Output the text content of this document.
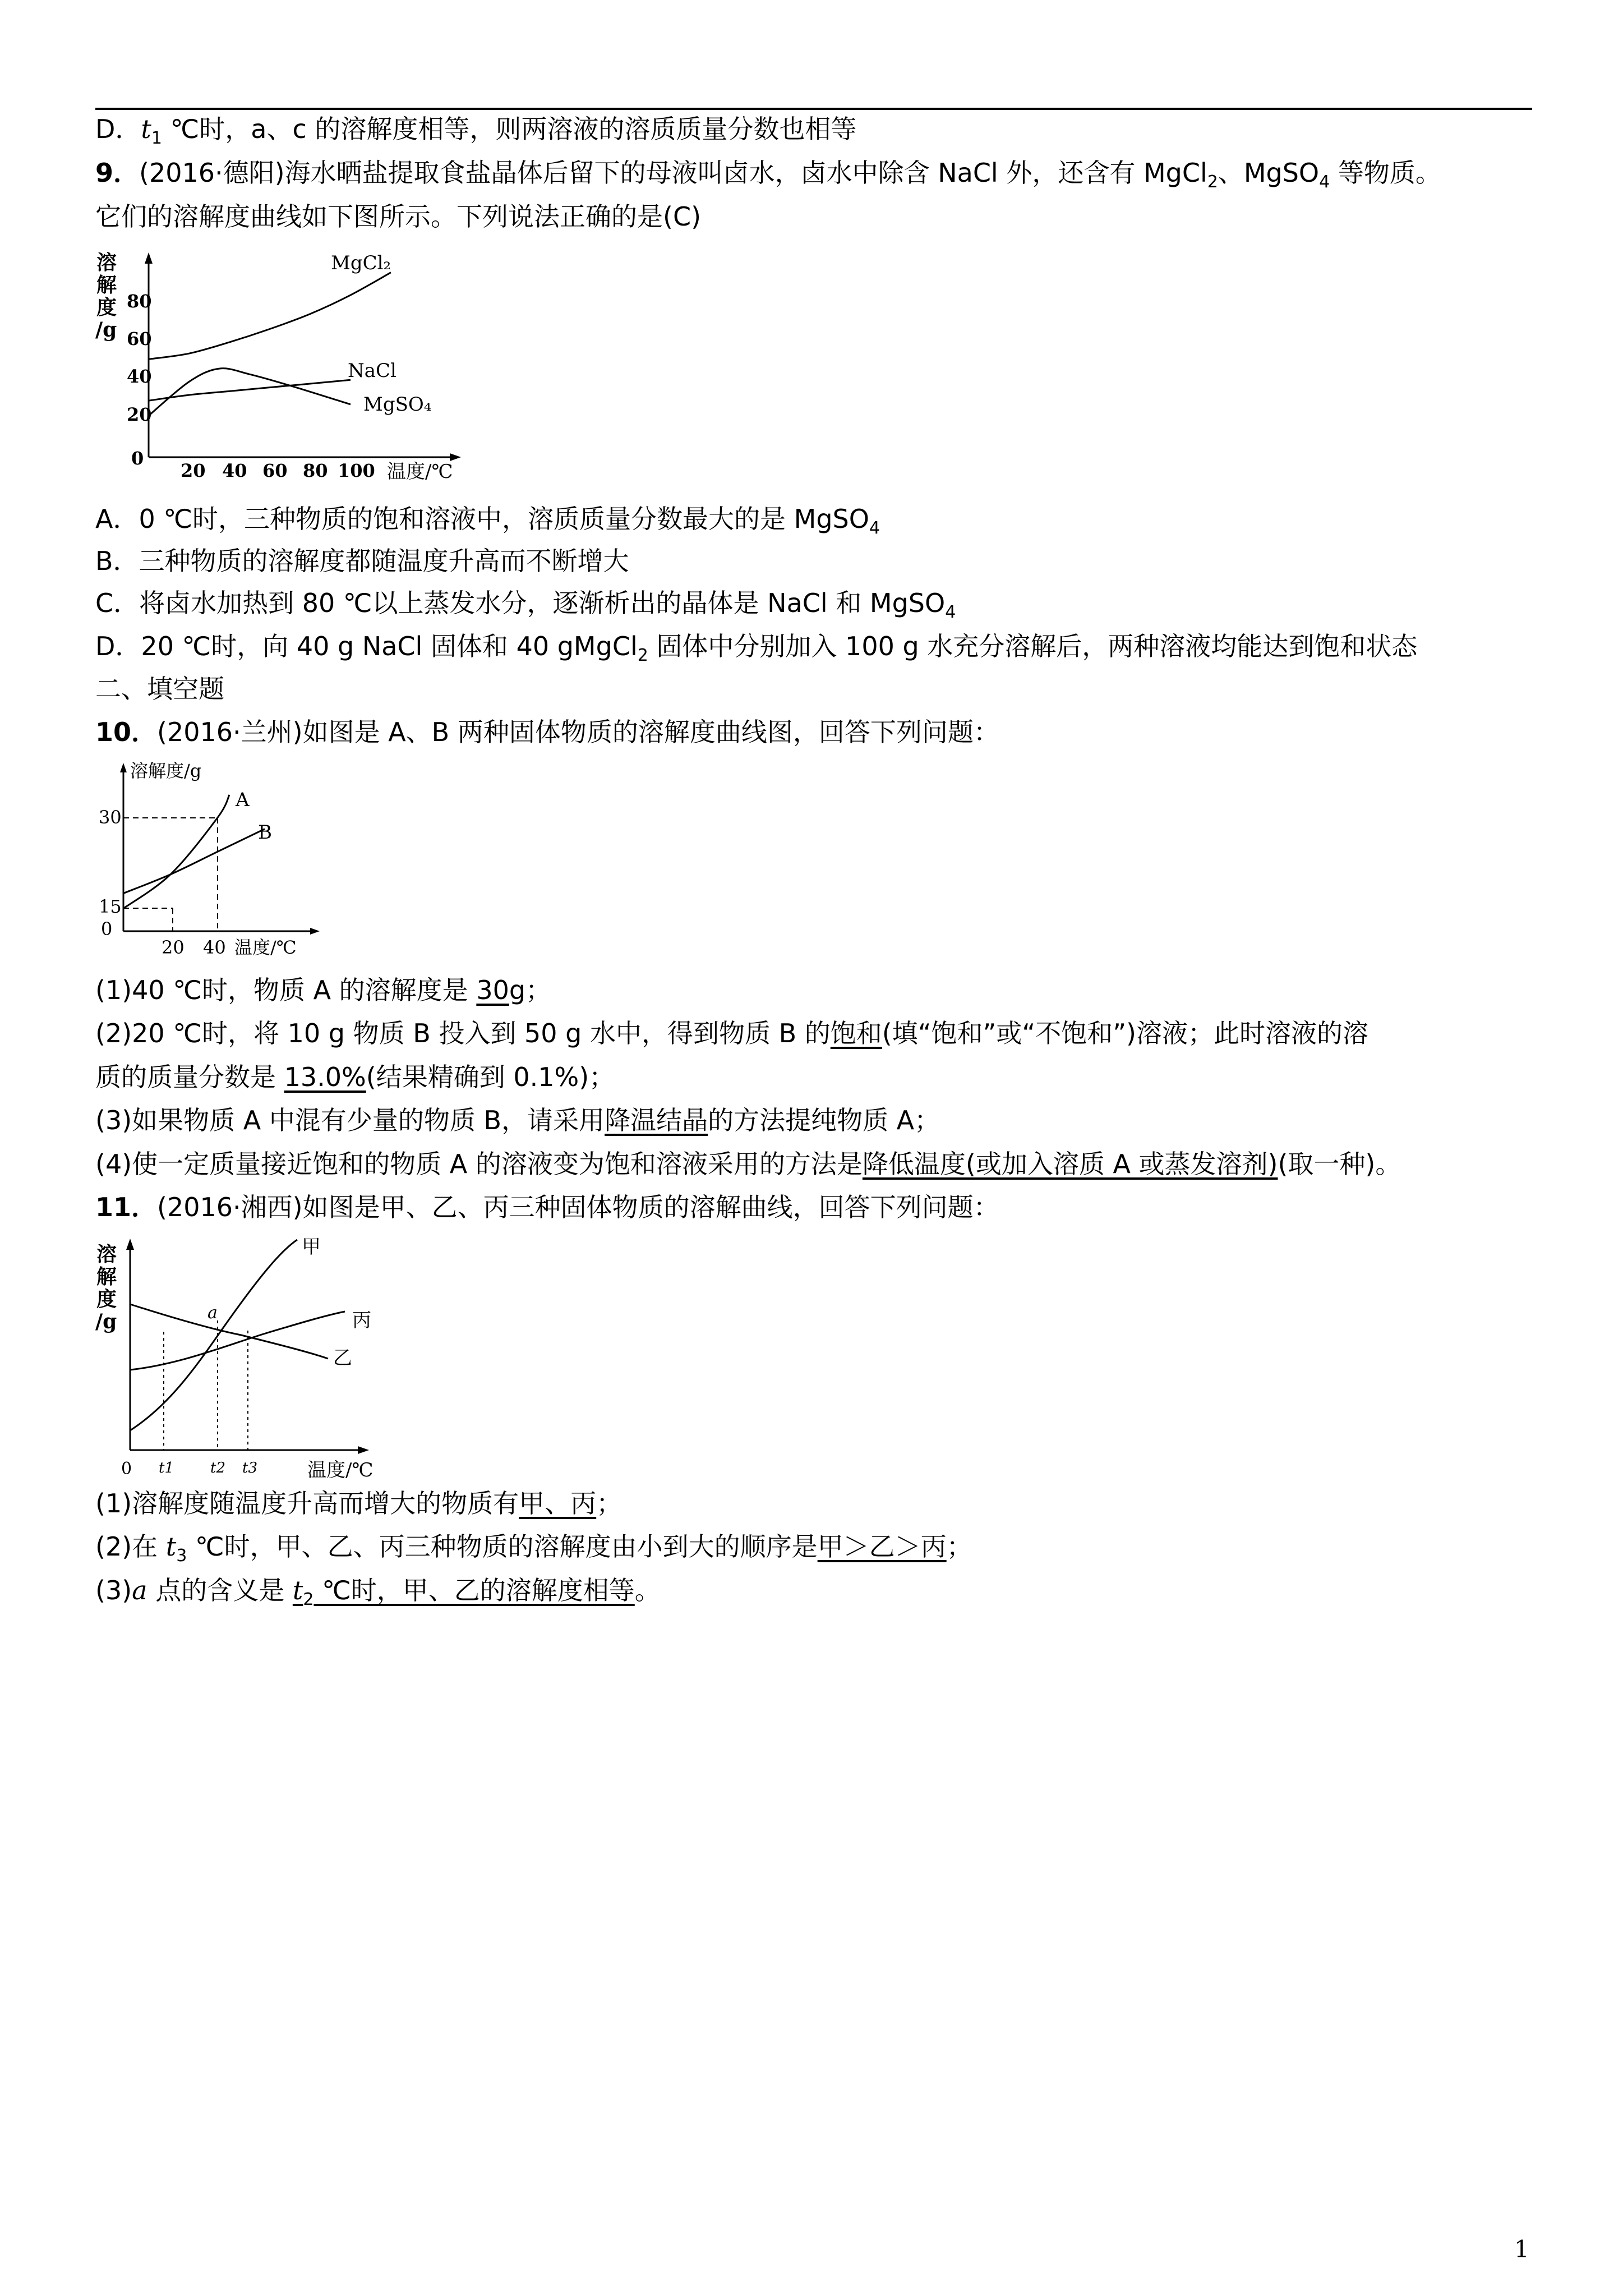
D．$t_1$ ℃时，a、c 的溶解度相等，则两溶液的溶质质量分数也相等
9．(2016·德阳)海水晒盐提取食盐晶体后留下的母液叫卤水，卤水中除含 NaCl 外，还含有 MgCl$_2$、MgSO$_4$ 等物质。
它们的溶解度曲线如下图所示。下列说法正确的是(C)
溶
解
度
/g
0
20 40 60 80 100
20
40
60
80
MgCl₂
NaCl
MgSO₄
温度/℃
A．0 ℃时，三种物质的饱和溶液中，溶质质量分数最大的是 MgSO$_4$
B．三种物质的溶解度都随温度升高而不断增大
C．将卤水加热到 80 ℃以上蒸发水分，逐渐析出的晶体是 NaCl 和 MgSO$_4$
D．20 ℃时，向 40 g NaCl 固体和 40 gMgCl$_2$ 固体中分别加入 100 g 水充分溶解后，两种溶液均能达到饱和状态
二、填空题
10．(2016·兰州)如图是 A、B 两种固体物质的溶解度曲线图，回答下列问题：
溶解度/g
0
15
30
20 40
A
B
温度/℃
(1)40 ℃时，物质 A 的溶解度是 30g；
(2)20 ℃时，将 10 g 物质 B 投入到 50 g 水中，得到物质 B 的饱和(填“饱和”或“不饱和”)溶液；此时溶液的溶
质的质量分数是 13.0%(结果精确到 0.1%)；
(3)如果物质 A 中混有少量的物质 B，请采用降温结晶的方法提纯物质 A；
(4)使一定质量接近饱和的物质 A 的溶液变为饱和溶液采用的方法是降低温度(或加入溶质 A 或蒸发溶剂)(取一种)。
11．(2016·湘西)如图是甲、乙、丙三种固体物质的溶解曲线，回答下列问题：
溶
解
度
/g
甲
丙
乙
a
0 t1	t2 t3	温度/℃
(1)溶解度随温度升高而增大的物质有甲、丙；
(2)在 $t_3$ ℃时，甲、乙、丙三种物质的溶解度由小到大的顺序是甲＞乙＞丙；
(3)a 点的含义是 $t_2$ ℃时，甲、乙的溶解度相等。
1
